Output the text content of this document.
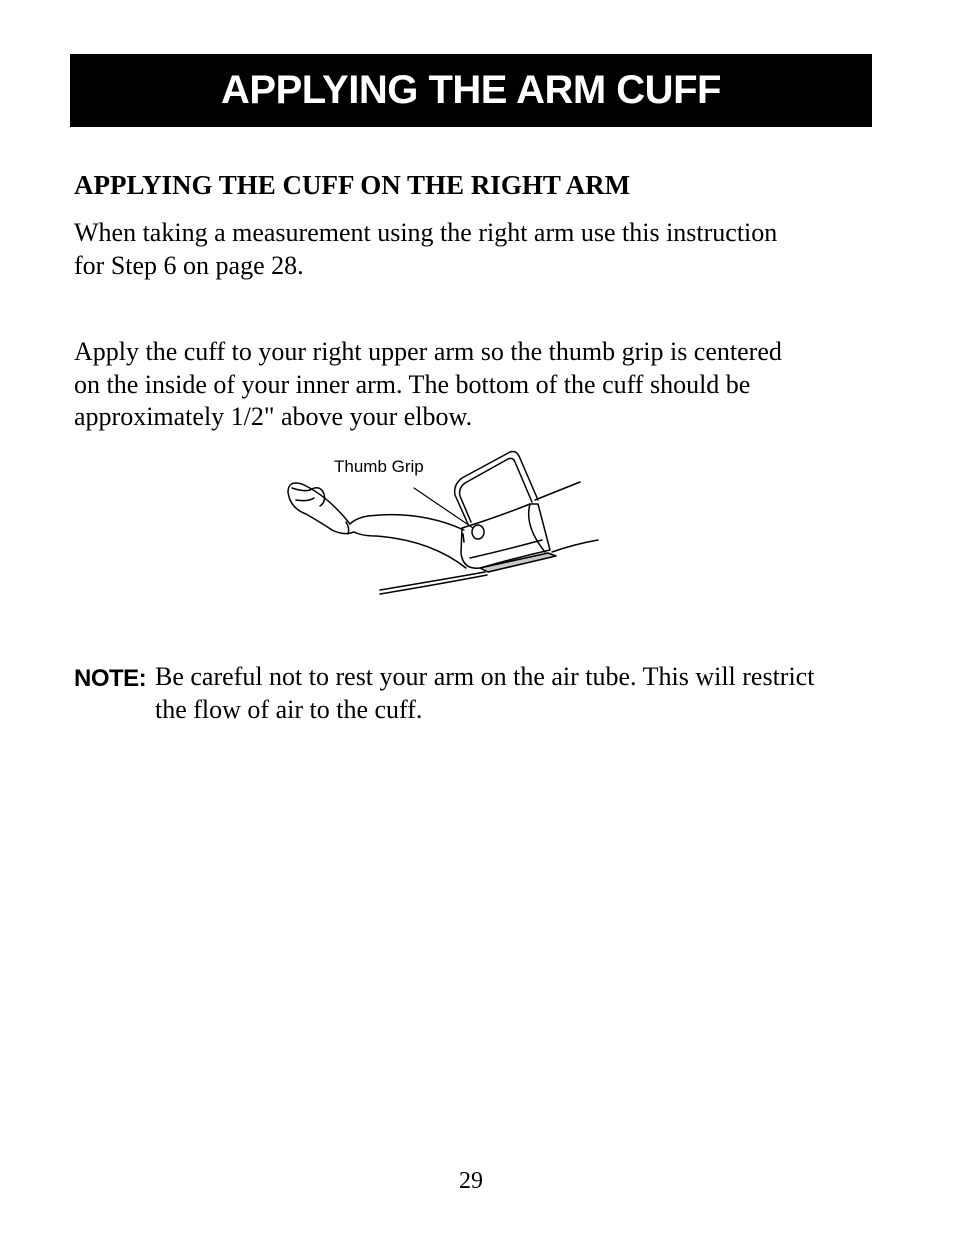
APPLYING THE ARM CUFF
APPLYING THE CUFF ON THE RIGHT ARM

When taking a measurement using the right arm use this instruction
for Step 6 on page 28.

Apply the cuff to your right upper arm so the thumb grip is centered
on the inside of your inner arm. The bottom of the cuff should be
approximately 1/2" above your elbow.

Thumb Grip
NOTE: Be careful not to rest your arm on the air tube. This will restrict
the flow of air to the cuff.

29
